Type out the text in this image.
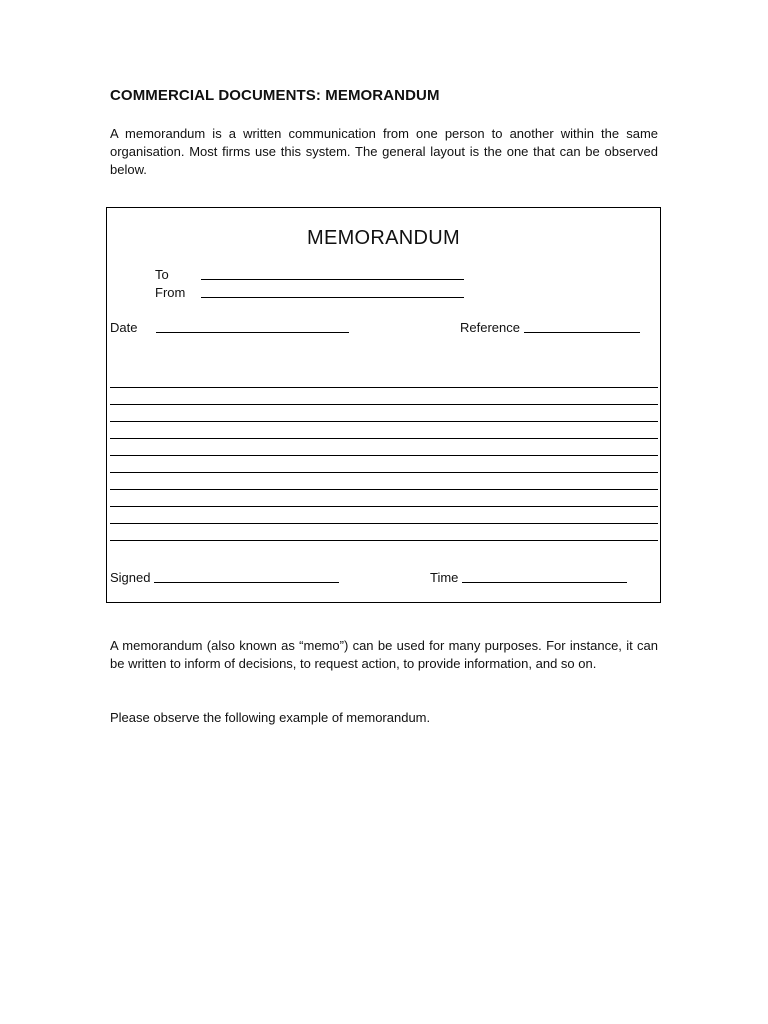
COMMERCIAL DOCUMENTS: MEMORANDUM

A memorandum is a written communication from one person to another within the same organisation. Most firms use this system. The general layout is the one that can be observed below.

MEMORANDUM
To
From
Date	Reference
Signed	Time

A memorandum (also known as “memo”) can be used for many purposes. For instance, it can be written to inform of decisions, to request action, to provide information, and so on.

Please observe the following example of memorandum.
